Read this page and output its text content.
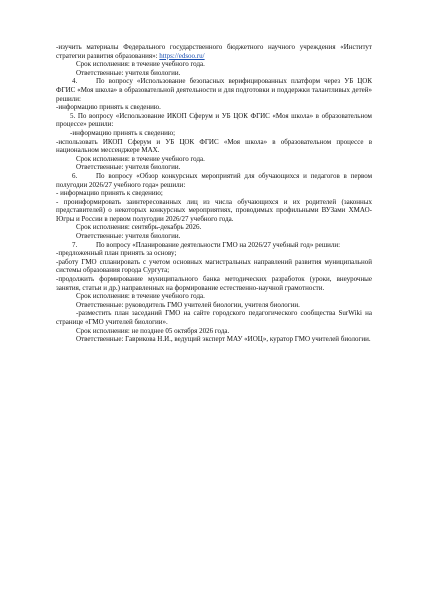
-изучить материалы Федерального государственного бюджетного научного учреждения «Институт стратегии развития образования»: https://edsoo.ru/

Срок исполнения: в течение учебного года.

Ответственные: учителя биологии.

4.	По вопросу «Использование безопасных верифицированных платформ через УБ ЦОК ФГИС «Моя школа» в образовательной деятельности и для подготовки и поддержки талантливых детей» решили:

-информацию принять к сведению.

5. По вопросу «Использование ИКОП Сферум и УБ ЦОК ФГИС «Моя школа» в образовательном процессе» решили:

-информацию принять к сведению;

-использовать ИКОП Сферум и УБ ЦОК ФГИС «Моя школа» в образовательном процессе в национальном мессенджере MAX.

Срок исполнения: в течение учебного года.

Ответственные: учителя биологии.

6.	По вопросу «Обзор конкурсных мероприятий для обучающихся и педагогов в первом полугодии 2026/27 учебного года» решили:

- информацию принять к сведению;

- проинформировать заинтересованных лиц из числа обучающихся и их родителей (законных представителей) о некоторых конкурсных мероприятиях, проводимых профильными ВУЗами ХМАО-Югры и России в первом полугодии 2026/27 учебного года.

Срок исполнения: сентябрь-декабрь 2026.

Ответственные: учителя биологии.

7.	По вопросу «Планирование деятельности ГМО на 2026/27 учебный год» решили:

-предложенный план принять за основу;

-работу ГМО спланировать с учетом основных магистральных направлений развития муниципальной системы образования города Сургута;

-продолжить формирование муниципального банка методических разработок (уроки, внеурочные занятия, статьи и др.) направленных на формирование естественно-научной грамотности.

Срок исполнения: в течение учебного года.

Ответственные: руководитель ГМО учителей биологии, учителя биологии.

-разместить план заседаний ГМО на сайте городского педагогического сообщества SurWiki на странице «ГМО учителей биологии».

Срок исполнения: не позднее 05 октября 2026 года.

Ответственные: Гаврикова Н.И., ведущий эксперт МАУ «ИОЦ», куратор ГМО учителей биологии.
